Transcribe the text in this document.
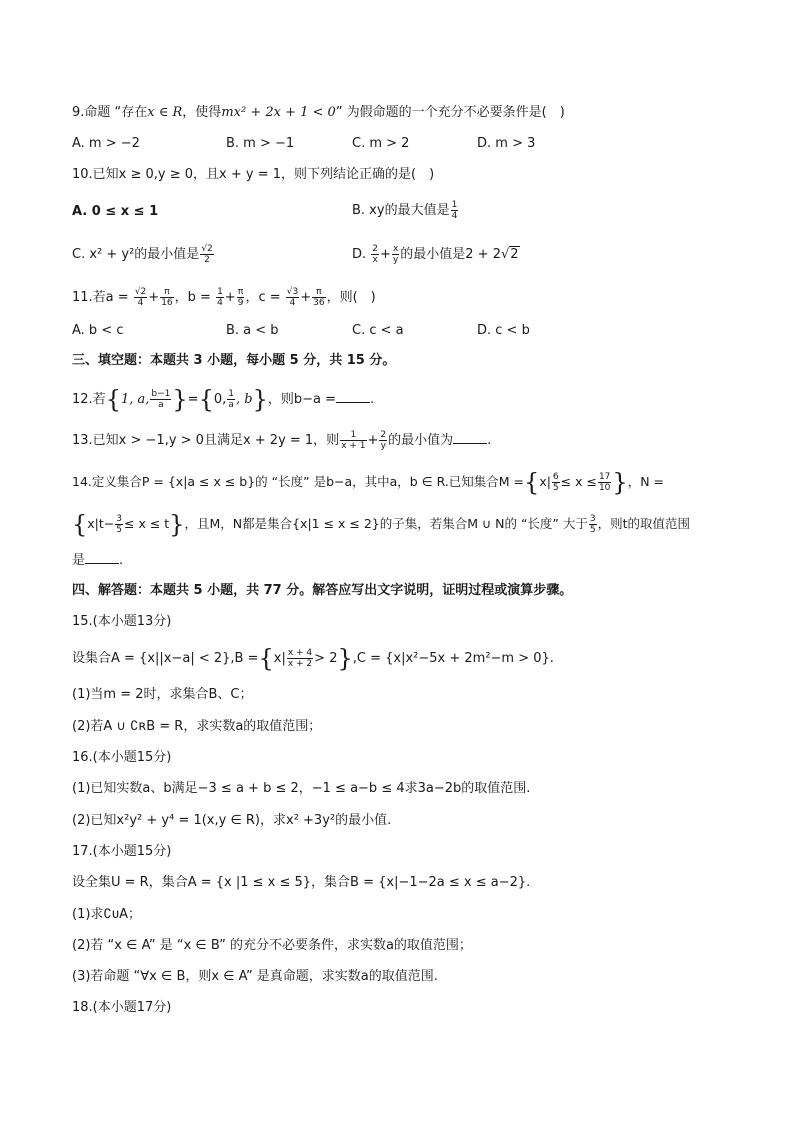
9.命题 “存在x ∈ R，使得mx² + 2x + 1 < 0” 为假命题的一个充分不必要条件是(　)
A. m > −2	B. m > −1	C. m > 2	D. m > 3
10.已知x ≥ 0,y ≥ 0，且x + y = 1，则下列结论正确的是(　)
A. 0 ≤ x ≤ 1	B. xy的最大值是 $\frac{1}{4}$
C. x² + y²的最小值是 $\frac{√2}{2}$	D. $\frac{2}{x} + \frac{x}{y}$ 的最小值是2 + 2√2
11.若$a = \frac{√2}{4} + \frac{\pi}{16}$ ，$b = \frac{1}{4} + \frac{\pi}{9}$ ，$c = \frac{√3}{4} + \frac{\pi}{36}$ ，则(　)
A. b < c	B. a < b	C. c < a	D. c < b
三、填空题：本题共 3 小题，每小题 5 分，共 15 分。
12.若{1, a, $\frac{b-1}{a} \}=\{0$, $\frac{1}{a}$ , b}，则b−a =	.
13.已知x > −1,y > 0且满足x + 2y = 1，则 $\frac{1}{x + 1} + \frac{2}{y}$ 的最小值为	.
14.定义集合P = {x|a ≤ x ≤ b}的 “长度” 是b−a，其中a，b ∈ R.已知集合$M =\{x| \frac{6}{5} \le x \le \frac{17}{10}$ }，N =
$\{x|t- \frac{3}{5} \le x \le t\}$，且M，N都是集合{x|1 ≤ x ≤ 2}的子集，若集合M ∪ N的 “长度” 大于 $\frac{3}{5}$ ，则t的取值范围
是	.
四、解答题：本题共 5 小题，共 77 分。解答应写出文字说明，证明过程或演算步骤。
15.(本小题13分)
设集合$A = \{x||x-a| < 2\},B =\{x| \frac{x + 4}{x + 2} > 2\},C = \{x|x^2-5x + 2m^2-m > 0\}$.
(1)当m = 2时，求集合B、C；
(2)若A ∪ ∁ʀB = R，求实数a的取值范围；
16.(本小题15分)
(1)已知实数a、b满足−3 ≤ a + b ≤ 2，−1 ≤ a−b ≤ 4求3a−2b的取值范围.
(2)已知x²y² + y⁴ = 1(x,y ∈ R)，求x² +3y²的最小值.
17.(本小题15分)
设全集U = R，集合A = {x |1 ≤ x ≤ 5}，集合B = {x|−1−2a ≤ x ≤ a−2}.
(1)求∁ᴜA；
(2)若 “x ∈ A” 是 “x ∈ B” 的充分不必要条件，求实数a的取值范围；
(3)若命题 “∀x ∈ B，则x ∈ A” 是真命题，求实数a的取值范围.
18.(本小题17分)
